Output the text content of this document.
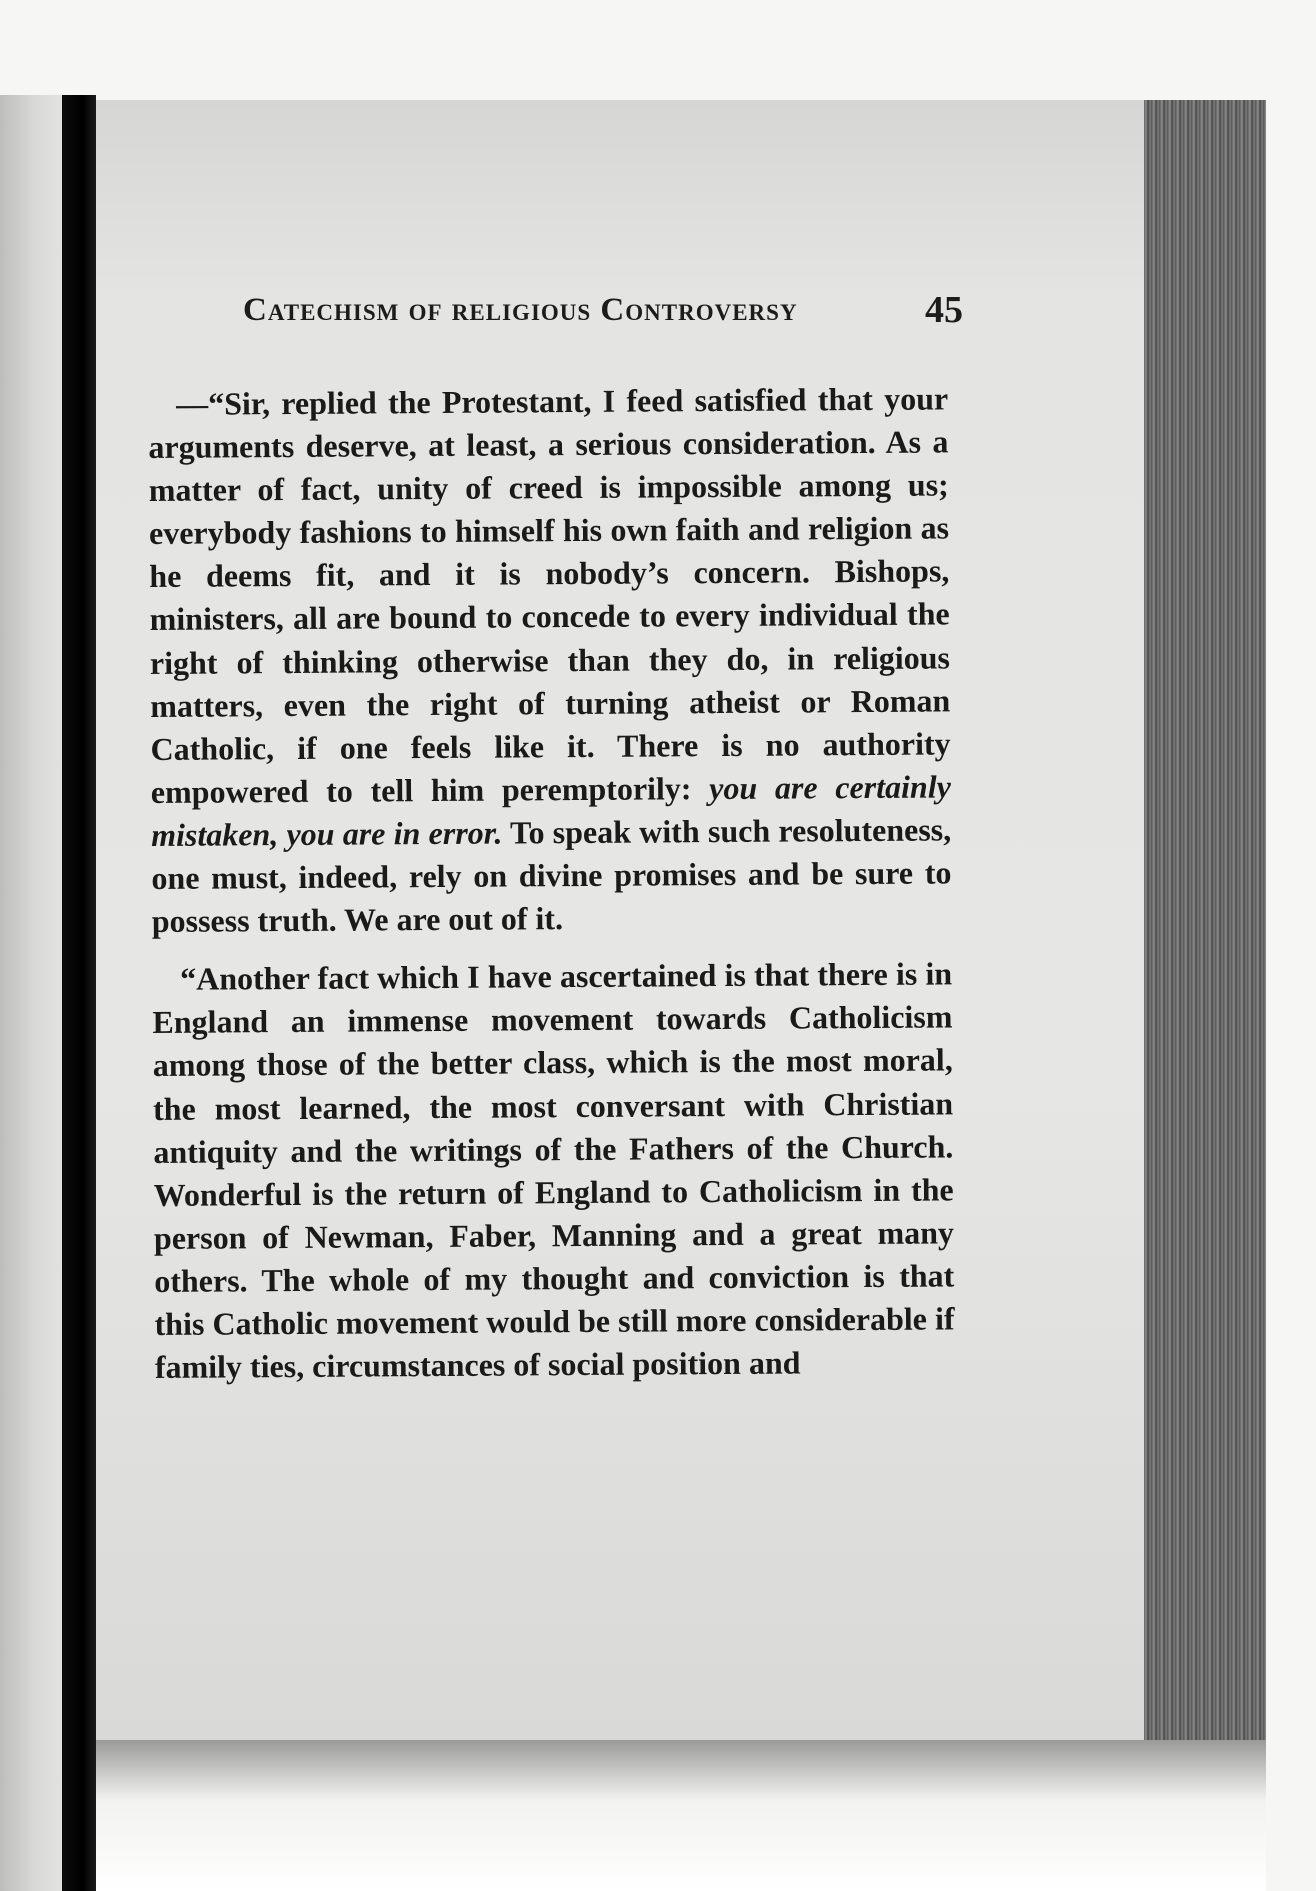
Catechism of religious Controversy	45

—“Sir, replied the Protestant, I feed satisfied that your arguments deserve, at least, a serious consideration. As a matter of fact, unity of creed is impossible among us; everybody fashions to himself his own faith and religion as he deems fit, and it is nobody’s concern. Bishops, ministers, all are bound to concede to every individual the right of thinking otherwise than they do, in religious matters, even the right of turning atheist or Roman Catholic, if one feels like it. There is no authority empowered to tell him peremptorily: you are certainly mistaken, you are in error. To speak with such resoluteness, one must, indeed, rely on divine promises and be sure to possess truth. We are out of it.

“Another fact which I have ascertained is that there is in England an immense movement towards Catholicism among those of the better class, which is the most moral, the most learned, the most conversant with Christian antiquity and the writings of the Fathers of the Church. Wonderful is the return of England to Catholicism in the person of Newman, Faber, Manning and a great many others. The whole of my thought and conviction is that this Catholic movement would be still more considerable if family ties, circumstances of social position and
